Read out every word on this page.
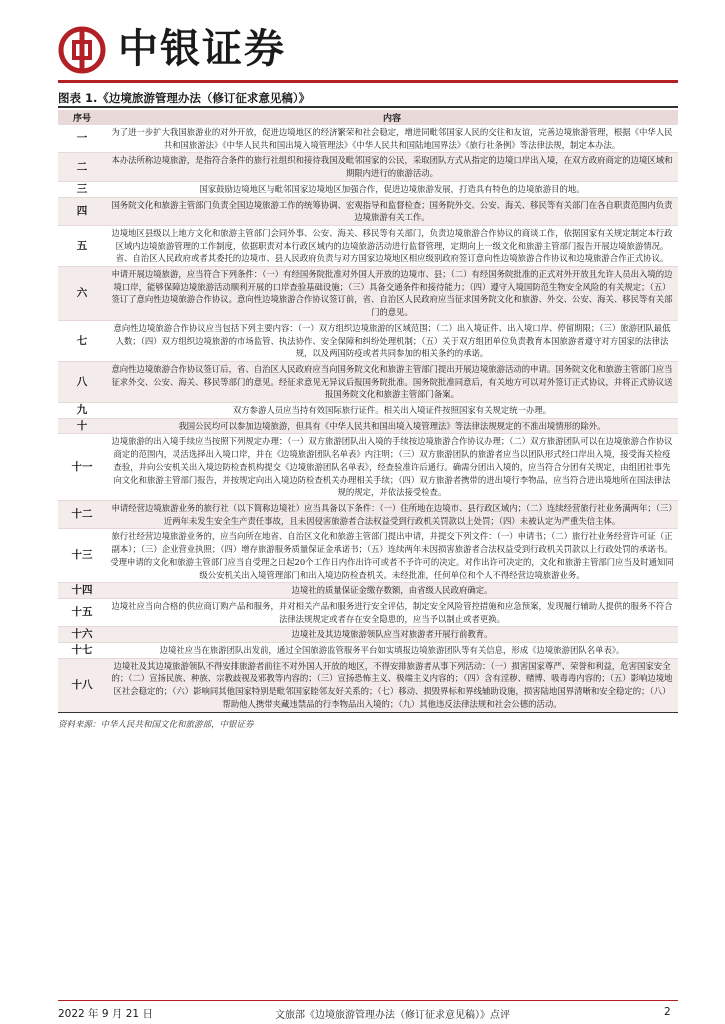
中银证券
图表 1.《边境旅游管理办法（修订征求意见稿）》
序号	内容
一	为了进一步扩大我国旅游业的对外开放，促进边境地区的经济繁荣和社会稳定，增进同毗邻国家人民的交往和友谊，完善边境旅游管理，根据《中华人民共和国旅游法》《中华人民共和国出境入境管理法》《中华人民共和国陆地国界法》《旅行社条例》等法律法规，制定本办法。
二	本办法所称边境旅游，是指符合条件的旅行社组织和接待我国及毗邻国家的公民，采取团队方式从指定的边境口岸出入境，在双方政府商定的边境区域和期限内进行的旅游活动。
三	国家鼓励边境地区与毗邻国家边境地区加强合作，促进边境旅游发展，打造具有特色的边境旅游目的地。
四	国务院文化和旅游主管部门负责全国边境旅游工作的统筹协调、宏观指导和监督检查；国务院外交、公安、海关、移民等有关部门在各自职责范围内负责边境旅游有关工作。
五	边境地区县级以上地方文化和旅游主管部门会同外事、公安、海关、移民等有关部门，负责边境旅游合作协议的商谈工作，依据国家有关规定制定本行政区域内边境旅游管理的工作制度，依据职责对本行政区域内的边境旅游活动进行监督管理，定期向上一级文化和旅游主管部门报告开展边境旅游情况。省、自治区人民政府或者其委托的边境市、县人民政府负责与对方国家边境地区相应级别政府签订意向性边境旅游合作协议和边境旅游合作正式协议。
六	申请开展边境旅游，应当符合下列条件：（一）有经国务院批准对外国人开放的边境市、县；（二）有经国务院批准的正式对外开放且允许人员出入境的边境口岸，能够保障边境旅游活动顺利开展的口岸查验基础设施；（三）具备交通条件和接待能力；（四）遵守入境国防范生物安全风险的有关规定；（五）签订了意向性边境旅游合作协议。意向性边境旅游合作协议签订前，省、自治区人民政府应当征求国务院文化和旅游、外交、公安、海关、移民等有关部门的意见。
七	意向性边境旅游合作协议应当包括下列主要内容：（一）双方组织边境旅游的区域范围；（二）出入境证件、出入境口岸、停留期限；（三）旅游团队最低人数；（四）双方组织边境旅游的市场监管、执法协作、安全保障和纠纷处理机制；（五）关于双方组团单位负责教育本国旅游者遵守对方国家的法律法规，以及两国防疫或者共同参加的相关条约的承诺。
八	意向性边境旅游合作协议签订后，省、自治区人民政府应当向国务院文化和旅游主管部门提出开展边境旅游活动的申请。国务院文化和旅游主管部门应当征求外交、公安、海关、移民等部门的意见。经征求意见无异议后报国务院批准。国务院批准同意后，有关地方可以对外签订正式协议，并将正式协议送报国务院文化和旅游主管部门备案。
九	双方参游人员应当持有效国际旅行证件。相关出入境证件按照国家有关规定统一办理。
十	我国公民均可以参加边境旅游，但具有《中华人民共和国出境入境管理法》等法律法规规定的不准出境情形的除外。
十一	边境旅游的出入境手续应当按照下列规定办理：（一）双方旅游团队出入境的手续按边境旅游合作协议办理；（二）双方旅游团队可以在边境旅游合作协议商定的范围内，灵活选择出入境口岸，并在《边境旅游团队名单表》内注明；（三）双方旅游团队的旅游者应当以团队形式经口岸出入境，接受海关检疫查验，并向公安机关出入境边防检查机构提交《边境旅游团队名单表》，经查验准许后通行。确需分团出入境的，应当符合分团有关规定，由组团社事先向文化和旅游主管部门报告，并按规定向出入境边防检查机关办理相关手续；（四）双方旅游者携带的进出境行李物品，应当符合进出境地所在国法律法规的规定，并依法接受检查。
十二	申请经营边境旅游业务的旅行社（以下简称边境社）应当具备以下条件：（一）住所地在边境市、县行政区域内；（二）连续经营旅行社业务满两年；（三）近两年未发生安全生产责任事故，且未因侵害旅游者合法权益受到行政机关罚款以上处罚；（四）未被认定为严重失信主体。
十三	旅行社经营边境旅游业务的，应当向所在地省、自治区文化和旅游主管部门提出申请，并提交下列文件：（一）申请书；（二）旅行社业务经营许可证（正副本）；（三）企业营业执照；（四）增存旅游服务质量保证金承诺书；（五）连续两年未因损害旅游者合法权益受到行政机关罚款以上行政处罚的承诺书。受理申请的文化和旅游主管部门应当自受理之日起20个工作日内作出许可或者不予许可的决定。对作出许可决定的，文化和旅游主管部门应当及时通知同级公安机关出入境管理部门和出入境边防检查机关。未经批准，任何单位和个人不得经营边境旅游业务。
十四	边境社的质量保证金缴存数额，由省级人民政府确定。
十五	边境社应当向合格的供应商订购产品和服务，并对相关产品和服务进行安全评估，制定安全风险管控措施和应急预案，发现履行辅助人提供的服务不符合法律法规规定或者存在安全隐患的，应当予以制止或者更换。
十六	边境社及其边境旅游领队应当对旅游者开展行前教育。
十七	边境社应当在旅游团队出发前，通过全国旅游监管服务平台如实填报边境旅游团队等有关信息，形成《边境旅游团队名单表》。
十八	边境社及其边境旅游领队不得安排旅游者前往不对外国人开放的地区，不得安排旅游者从事下列活动：（一）损害国家尊严、荣誉和利益，危害国家安全的；（二）宣扬民族、种族、宗教歧视及邪教等内容的；（三）宣扬恐怖主义、极端主义内容的；（四）含有淫秽、赌博、吸毒毒内容的；（五）影响边境地区社会稳定的；（六）影响同其他国家特别是毗邻国家睦邻友好关系的；（七）移动、损毁界标和界线辅助设施，损害陆地国界清晰和安全稳定的；（八）帮助他人携带夹藏违禁品的行李物品出入境的；（九）其他违反法律法规和社会公德的活动。
资料来源：中华人民共和国文化和旅游部，中银证券
2022 年 9 月 21 日	文旅部《边境旅游管理办法（修订征求意见稿）》点评	2
